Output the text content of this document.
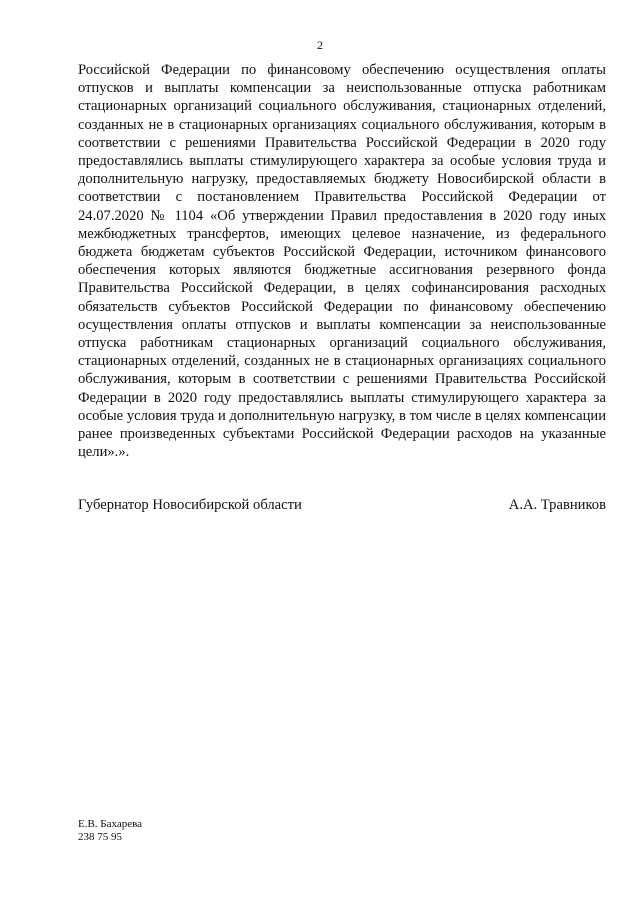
2

Российской Федерации по финансовому обеспечению осуществления оплаты отпусков и выплаты компенсации за неиспользованные отпуска работникам стационарных организаций социального обслуживания, стационарных отделений, созданных не в стационарных организациях социального обслуживания, которым в соответствии с решениями Правительства Российской Федерации в 2020 году предоставлялись выплаты стимулирующего характера за особые условия труда и дополнительную нагрузку, предоставляемых бюджету Новосибирской области в соответствии с постановлением Правительства Российской Федерации от 24.07.2020 № 1104 «Об утверждении Правил предоставления в 2020 году иных межбюджетных трансфертов, имеющих целевое назначение, из федерального бюджета бюджетам субъектов Российской Федерации, источником финансового обеспечения которых являются бюджетные ассигнования резервного фонда Правительства Российской Федерации, в целях софинансирования расходных обязательств субъектов Российской Федерации по финансовому обеспечению осуществления оплаты отпусков и выплаты компенсации за неиспользованные отпуска работникам стационарных организаций социального обслуживания, стационарных отделений, созданных не в стационарных организациях социального обслуживания, которым в соответствии с решениями Правительства Российской Федерации в 2020 году предоставлялись выплаты стимулирующего характера за особые условия труда и дополнительную нагрузку, в том числе в целях компенсации ранее произведенных субъектами Российской Федерации расходов на указанные цели».».

Губернатор Новосибирской области	А.А. Травников
Е.В. Бахарева
238 75 95
